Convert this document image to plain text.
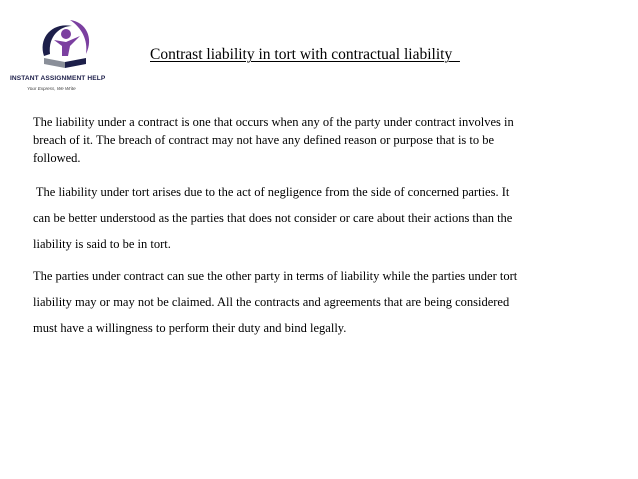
INSTANT ASSIGNMENT HELP
Your Express, We Write
Contrast liability in tort with contractual liability

The liability under a contract is one that occurs when any of the party under contract involves in
breach of it. The breach of contract may not have any defined reason or purpose that is to be
followed.

The liability under tort arises due to the act of negligence from the side of concerned parties. It
can be better understood as the parties that does not consider or care about their actions than the
liability is said to be in tort.

The parties under contract can sue the other party in terms of liability while the parties under tort
liability may or may not be claimed. All the contracts and agreements that are being considered
must have a willingness to perform their duty and bind legally.
